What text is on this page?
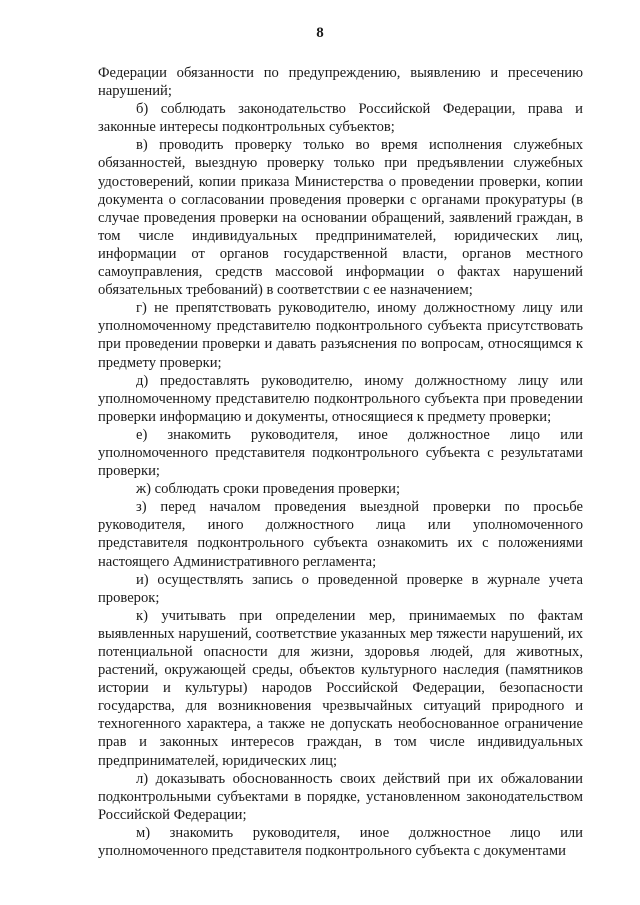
8

Федерации обязанности по предупреждению, выявлению и пресечению нарушений;

б) соблюдать законодательство Российской Федерации, права и законные интересы подконтрольных субъектов;

в) проводить проверку только во время исполнения служебных обязанностей, выездную проверку только при предъявлении служебных удостоверений, копии приказа Министерства о проведении проверки, копии документа о согласовании проведения проверки с органами прокуратуры (в случае проведения проверки на основании обращений, заявлений граждан, в том числе индивидуальных предпринимателей, юридических лиц, информации от органов государственной власти, органов местного самоуправления, средств массовой информации о фактах нарушений обязательных требований) в соответствии с ее назначением;

г) не препятствовать руководителю, иному должностному лицу или уполномоченному представителю подконтрольного субъекта присутствовать при проведении проверки и давать разъяснения по вопросам, относящимся к предмету проверки;

д) предоставлять руководителю, иному должностному лицу или уполномоченному представителю подконтрольного субъекта при проведении проверки информацию и документы, относящиеся к предмету проверки;

е) знакомить руководителя, иное должностное лицо или уполномоченного представителя подконтрольного субъекта с результатами проверки;

ж) соблюдать сроки проведения проверки;

з) перед началом проведения выездной проверки по просьбе руководителя, иного должностного лица или уполномоченного представителя подконтрольного субъекта ознакомить их с положениями настоящего Административного регламента;

и) осуществлять запись о проведенной проверке в журнале учета проверок;

к) учитывать при определении мер, принимаемых по фактам выявленных нарушений, соответствие указанных мер тяжести нарушений, их потенциальной опасности для жизни, здоровья людей, для животных, растений, окружающей среды, объектов культурного наследия (памятников истории и культуры) народов Российской Федерации, безопасности государства, для возникновения чрезвычайных ситуаций природного и техногенного характера, а также не допускать необоснованное ограничение прав и законных интересов граждан, в том числе индивидуальных предпринимателей, юридических лиц;

л) доказывать обоснованность своих действий при их обжаловании подконтрольными субъектами в порядке, установленном законодательством Российской Федерации;

м) знакомить руководителя, иное должностное лицо или уполномоченного представителя подконтрольного субъекта с документами
